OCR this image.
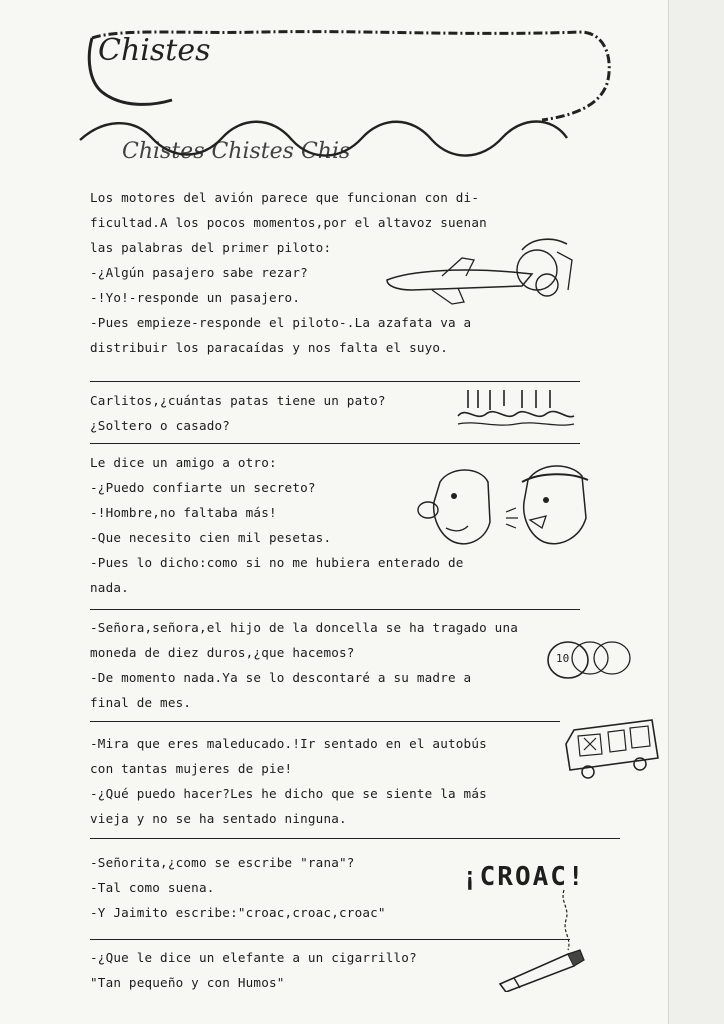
Chistes
Chistes Chistes Chis
Los motores del avión parece que funcionan con di-
ficultad.A los pocos momentos,por el altavoz suenan
las palabras del primer piloto:
-¿Algún pasajero sabe rezar?
-!Yo!-responde un pasajero.
-Pues empieze-responde el piloto-.La azafata va a
distribuir los paracaídas y nos falta el suyo.
Carlitos,¿cuántas patas tiene un pato?
¿Soltero o casado?
Le dice un amigo a otro:
-¿Puedo confiarte un secreto?
-!Hombre,no faltaba más!
-Que necesito cien mil pesetas.
-Pues lo dicho:como si no me hubiera enterado de
nada.
-Señora,señora,el hijo de la doncella se ha tragado una
moneda de diez duros,¿que hacemos?
-De momento nada.Ya se lo descontaré a su madre a
final de mes.
10
-Mira que eres maleducado.!Ir sentado en el autobús
con tantas mujeres de pie!
-¿Qué puedo hacer?Les he dicho que se siente la más
vieja y no se ha sentado ninguna.
-Señorita,¿como se escribe "rana"?
-Tal como suena.
-Y Jaimito escribe:"croac,croac,croac"
¡CROAC!
-¿Que le dice un elefante a un cigarrillo?
"Tan pequeño y con Humos"
